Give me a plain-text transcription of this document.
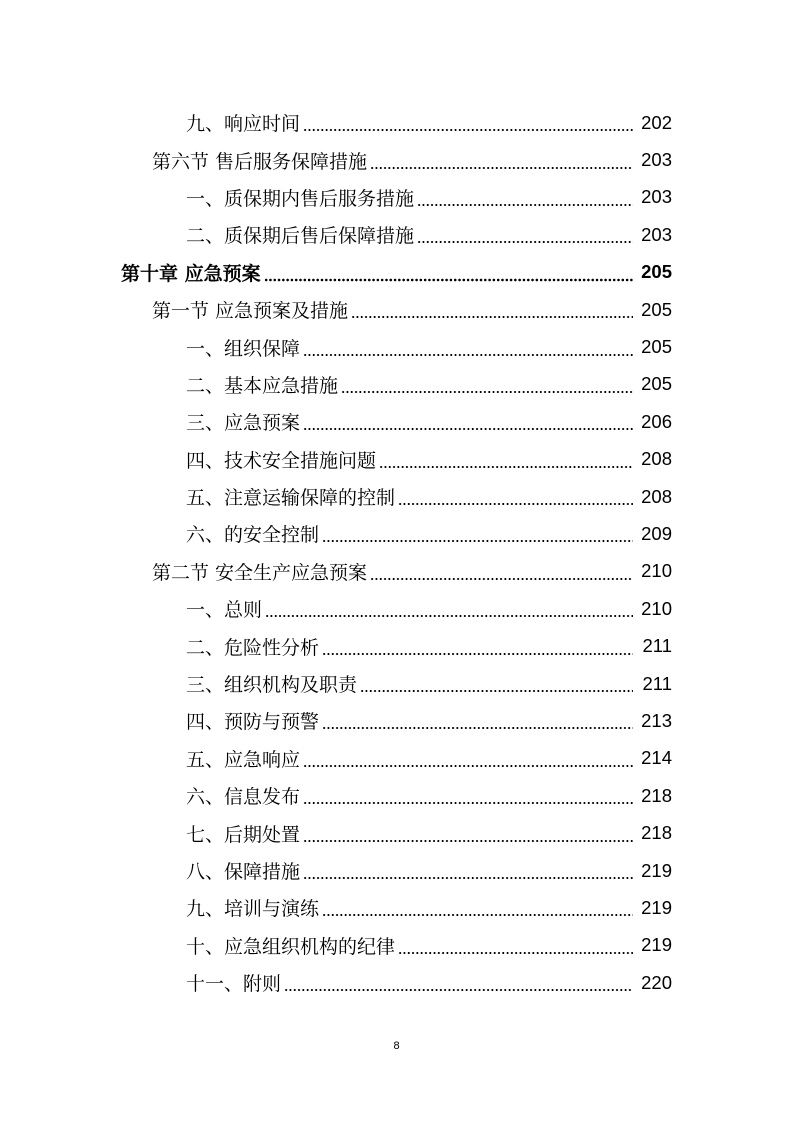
九、响应时间	202
第六节 售后服务保障措施	203
一、质保期内售后服务措施	203
二、质保期后售后保障措施	203
第十章 应急预案	205
第一节 应急预案及措施	205
一、组织保障	205
二、基本应急措施	205
三、应急预案	206
四、技术安全措施问题	208
五、注意运输保障的控制	208
六、的安全控制	209
第二节 安全生产应急预案	210
一、总则	210
二、危险性分析	211
三、组织机构及职责	211
四、预防与预警	213
五、应急响应	214
六、信息发布	218
七、后期处置	218
八、保障措施	219
九、培训与演练	219
十、应急组织机构的纪律	219
十一、附则	220
8
